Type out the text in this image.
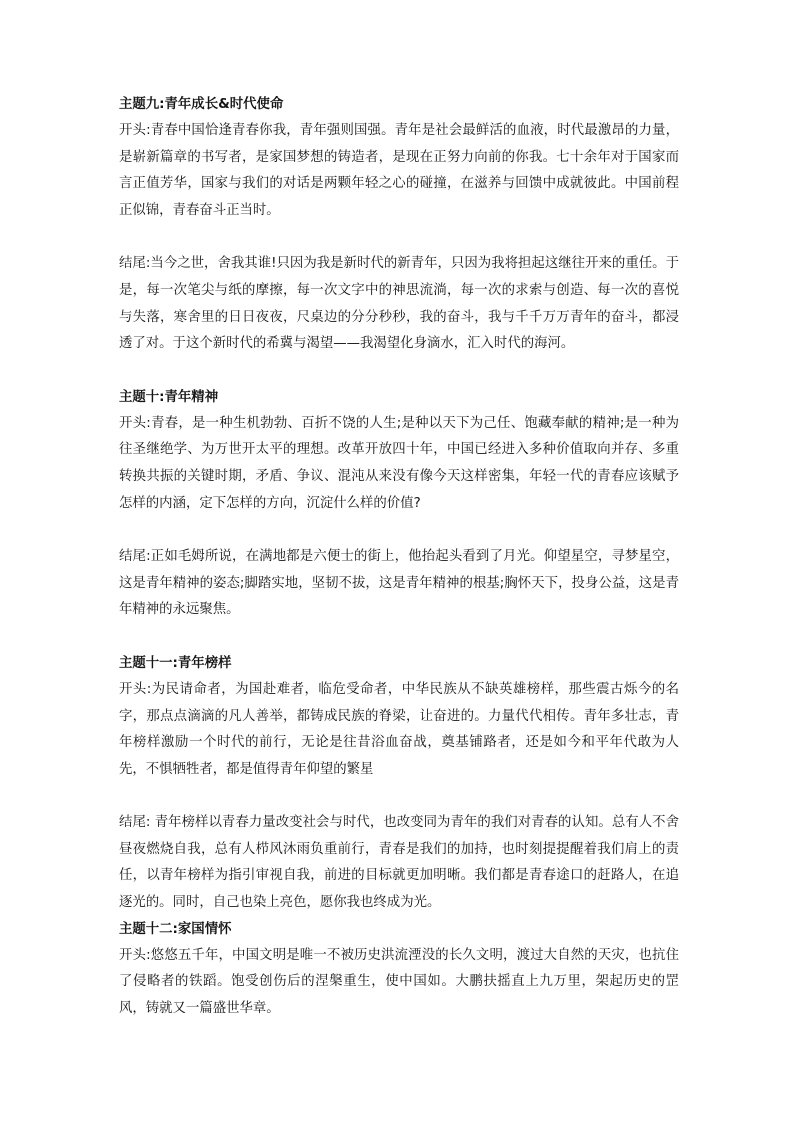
主题九:青年成长&时代使命
开头:青春中国恰逢青春你我，青年强则国强。青年是社会最鲜活的血液，时代最激昂的力量，是崭新篇章的书写者，是家国梦想的铸造者，是现在正努力向前的你我。七十余年对于国家而言正值芳华，国家与我们的对话是两颗年轻之心的碰撞，在滋养与回馈中成就彼此。中国前程正似锦，青春奋斗正当时。
结尾:当今之世，舍我其谁!只因为我是新时代的新青年，只因为我将担起这继往开来的重任。于是，每一次笔尖与纸的摩擦，每一次文字中的神思流淌，每一次的求索与创造、每一次的喜悦与失落，寒舍里的日日夜夜，尺桌边的分分秒秒，我的奋斗，我与千千万万青年的奋斗，都浸透了对。于这个新时代的希冀与渴望——我渴望化身滴水，汇入时代的海河。
主题十:青年精神
开头:青春，是一种生机勃勃、百折不饶的人生;是种以天下为己任、饱藏奉献的精神;是一种为往圣继绝学、为万世开太平的理想。改革开放四十年，中国已经进入多种价值取向并存、多重转换共振的关键时期，矛盾、争议、混沌从来没有像今天这样密集，年轻一代的青春应该赋予怎样的内涵，定下怎样的方向，沉淀什么样的价值?
结尾:正如毛姆所说，在满地都是六便士的街上，他抬起头看到了月光。仰望星空，寻梦星空，这是青年精神的姿态;脚踏实地，坚韧不拔，这是青年精神的根基;胸怀天下，投身公益，这是青年精神的永远聚焦。
主题十一:青年榜样
开头:为民请命者，为国赴难者，临危受命者，中华民族从不缺英雄榜样，那些震古烁今的名字，那点点滴滴的凡人善举，都铸成民族的脊梁，让奋进的。力量代代相传。青年多壮志，青年榜样激励一个时代的前行，无论是往昔浴血奋战，奠基铺路者，还是如今和平年代敢为人先，不惧牺牲者，都是值得青年仰望的繁星
结尾: 青年榜样以青春力量改变社会与时代，也改变同为青年的我们对青春的认知。总有人不舍昼夜燃烧自我，总有人栉风沐雨负重前行，青春是我们的加持，也时刻提提醒着我们肩上的责任，以青年榜样为指引审视自我，前进的目标就更加明晰。我们都是青春途口的赶路人，在追逐光的。同时，自己也染上亮色，愿你我也终成为光。
主题十二:家国情怀
开头:悠悠五千年，中国文明是唯一不被历史洪流湮没的长久文明，渡过大自然的天灾，也抗住了侵略者的铁蹈。饱受创伤后的涅槃重生，使中国如。大鹏扶摇直上九万里，架起历史的罡风，铸就又一篇盛世华章。
